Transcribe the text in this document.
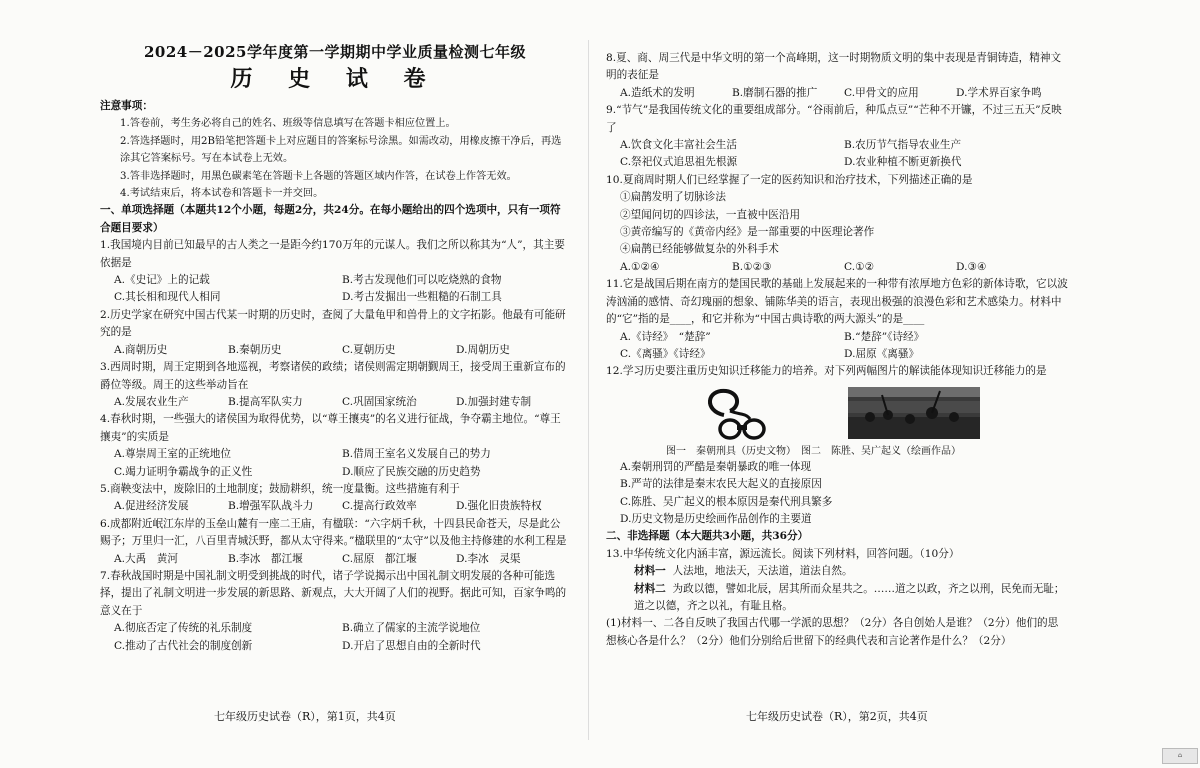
2024－2025学年度第一学期期中学业质量检测七年级
历 史 试 卷
注意事项：
1.答卷前，考生务必将自己的姓名、班级等信息填写在答题卡相应位置上。
2.答选择题时，用2B铅笔把答题卡上对应题目的答案标号涂黑。如需改动，用橡皮擦干净后，再选涂其它答案标号。写在本试卷上无效。
3.答非选择题时，用黑色碳素笔在答题卡上各题的答题区域内作答，在试卷上作答无效。
4.考试结束后，将本试卷和答题卡一并交回。
一、单项选择题（本题共12个小题，每题2分，共24分。在每小题给出的四个选项中，只有一项符合题目要求）
1.我国境内目前已知最早的古人类之一是距今约170万年的元谋人。我们之所以称其为“人”，其主要依据是
A.《史记》上的记载	B.考古发现他们可以吃烧熟的食物
C.其长相和现代人相同	D.考古发掘出一些粗糙的石制工具
2.历史学家在研究中国古代某一时期的历史时，查阅了大量龟甲和兽骨上的文字拓影。他最有可能研究的是
A.商朝历史	B.秦朝历史	C.夏朝历史	D.周朝历史
3.西周时期，周王定期到各地巡视，考察诸侯的政绩；诸侯则需定期朝觐周王，接受周王重新宣布的爵位等级。周王的这些举动旨在
A.发展农业生产	B.提高军队实力	C.巩固国家统治	D.加强封建专制
4.春秋时期，一些强大的诸侯国为取得优势，以“尊王攘夷”的名义进行征战，争夺霸主地位。“尊王攘夷”的实质是
A.尊崇周王室的正统地位	B.借周王室名义发展自己的势力
C.竭力证明争霸战争的正义性	D.顺应了民族交融的历史趋势
5.商鞅变法中，废除旧的土地制度；鼓励耕织，统一度量衡。这些措施有利于
A.促进经济发展	B.增强军队战斗力	C.提高行政效率	D.强化旧贵族特权
6.成都附近岷江东岸的玉垒山麓有一座二王庙，有楹联：“六字炳千秋，十四县民命苍天，尽是此公赐予；万里归一汇，八百里青城沃野，都从太守得来。”楹联里的“太守”以及他主持修建的水利工程是
A.大禹　黄河	B.李冰　都江堰	C.屈原　都江堰	D.李冰　灵渠
7.春秋战国时期是中国礼制文明受到挑战的时代，诸子学说揭示出中国礼制文明发展的各种可能选择，提出了礼制文明进一步发展的新思路、新观点，大大开阔了人们的视野。据此可知，百家争鸣的意义在于
A.彻底否定了传统的礼乐制度	B.确立了儒家的主流学说地位
C.推动了古代社会的制度创新	D.开启了思想自由的全新时代
8.夏、商、周三代是中华文明的第一个高峰期，这一时期物质文明的集中表现是青铜铸造，精神文明的表征是
A.造纸术的发明	B.磨制石器的推广	C.甲骨文的应用	D.学术界百家争鸣
9.“节气”是我国传统文化的重要组成部分。“谷雨前后，种瓜点豆”“芒种不开镰，不过三五天”反映了
A.饮食文化丰富社会生活	B.农历节气指导农业生产
C.祭祀仪式追思祖先根源	D.农业种植不断更新换代
10.夏商周时期人们已经掌握了一定的医药知识和治疗技术，下列描述正确的是
①扁鹊发明了切脉诊法
②望闻问切的四诊法，一直被中医沿用
③黄帝编写的《黄帝内经》是一部重要的中医理论著作
④扁鹊已经能够做复杂的外科手术
A.①②④	B.①②③	C.①②	D.③④
11.它是战国后期在南方的楚国民歌的基础上发展起来的一种带有浓厚地方色彩的新体诗歌，它以波涛汹涌的感情、奇幻瑰丽的想象、铺陈华美的语言，表现出极强的浪漫色彩和艺术感染力。材料中的“它”指的是____，和它并称为“中国古典诗歌的两大源头”的是____
A.《诗经》　“楚辞”	B.“楚辞”《诗经》
C.《离骚》《诗经》	D.屈原《离骚》
12.学习历史要注重历史知识迁移能力的培养。对下列两幅图片的解读能体现知识迁移能力的是
图一　秦朝刑具（历史文物）　图二　陈胜、吴广起义（绘画作品）
A.秦朝刑罚的严酷是秦朝暴政的唯一体现
B.严苛的法律是秦末农民大起义的直接原因
C.陈胜、吴广起义的根本原因是秦代刑具繁多
D.历史文物是历史绘画作品创作的主要道
二、非选择题（本大题共3小题，共36分）
13.中华传统文化内涵丰富，源远流长。阅读下列材料，回答问题。（10分）
材料一 人法地，地法天，天法道，道法自然。
材料二 为政以德，譬如北辰，居其所而众星共之。……道之以政，齐之以刑，民免而无耻；道之以德，齐之以礼，有耻且格。
(1)材料一、二各自反映了我国古代哪一学派的思想？（2分）各自创始人是谁？（2分）他们的思想核心各是什么？（2分）他们分别给后世留下的经典代表和言论著作是什么？（2分）
七年级历史试卷（R），第1页，共4页	七年级历史试卷（R），第2页，共4页
⌂
